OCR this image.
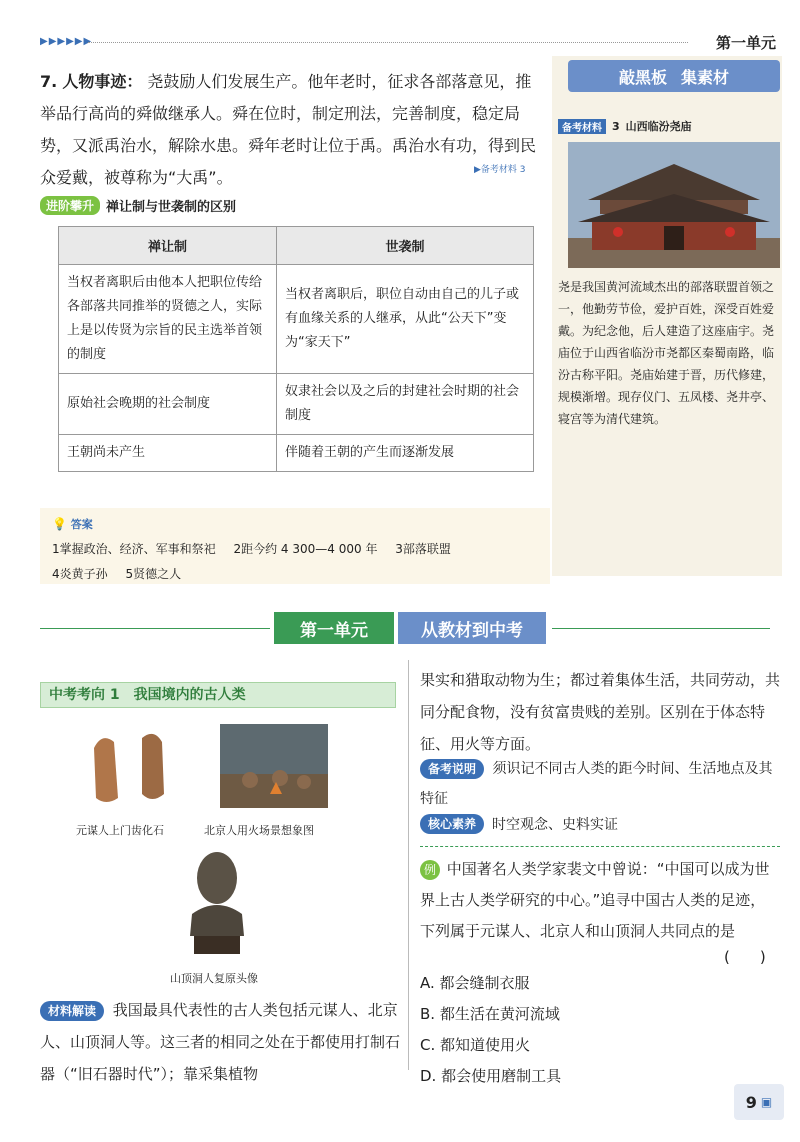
▶▶▶▶▶▶	第一单元
7. 人物事迹： 尧鼓励人们发展生产。他年老时，征求各部落意见，推举品行高尚的舜做继承人。舜在位时，制定刑法，完善制度，稳定局势，又派禹治水，解除水患。舜年老时让位于禹。禹治水有功，得到民众爱戴，被尊称为“大禹”。	▶备考材料 3
进阶攀升 禅让制与世袭制的区别
禅让制	世袭制
当权者离职后由他本人把职位传给各部落共同推举的贤德之人，实际上是以传贤为宗旨的民主选举首领的制度	当权者离职后，职位自动由自己的儿子或有血缘关系的人继承，从此“公天下”变为“家天下”
原始社会晚期的社会制度	奴隶社会以及之后的封建社会时期的社会制度
王朝尚未产生	伴随着王朝的产生而逐渐发展
💡 答案
1掌握政治、经济、军事和祭祀 2距今约 4 300—4 000 年 3部落联盟
4炎黄子孙 5贤德之人
敲黑板 集素材
备考材料 3 山西临汾尧庙
尧是我国黄河流域杰出的部落联盟首领之一，他勤劳节俭，爱护百姓，深受百姓爱戴。为纪念他，后人建造了这座庙宇。尧庙位于山西省临汾市尧都区秦蜀南路，临汾古称平阳。尧庙始建于晋，历代修建，规模渐增。现存仪门、五凤楼、尧井亭、寝宫等为清代建筑。
第一单元	从教材到中考
中考考向 1　我国境内的古人类
元谋人上门齿化石	北京人用火场景想象图
山顶洞人复原头像
材料解读 我国最具代表性的古人类包括元谋人、北京人、山顶洞人等。这三者的相同之处在于都使用打制石器（“旧石器时代”）；靠采集植物
果实和猎取动物为生；都过着集体生活，共同劳动，共同分配食物，没有贫富贵贱的差别。区别在于体态特征、用火等方面。
备考说明 须识记不同古人类的距今时间、生活地点及其特征
核心素养	时空观念、史料实证
例 中国著名人类学家裴文中曾说：“中国可以成为世界上古人类学研究的中心。”追寻中国古人类的足迹，下列属于元谋人、北京人和山顶洞人共同点的是
(　　)
A. 都会缝制衣服
B. 都生活在黄河流域
C. 都知道使用火
D. 都会使用磨制工具
9 ▣
